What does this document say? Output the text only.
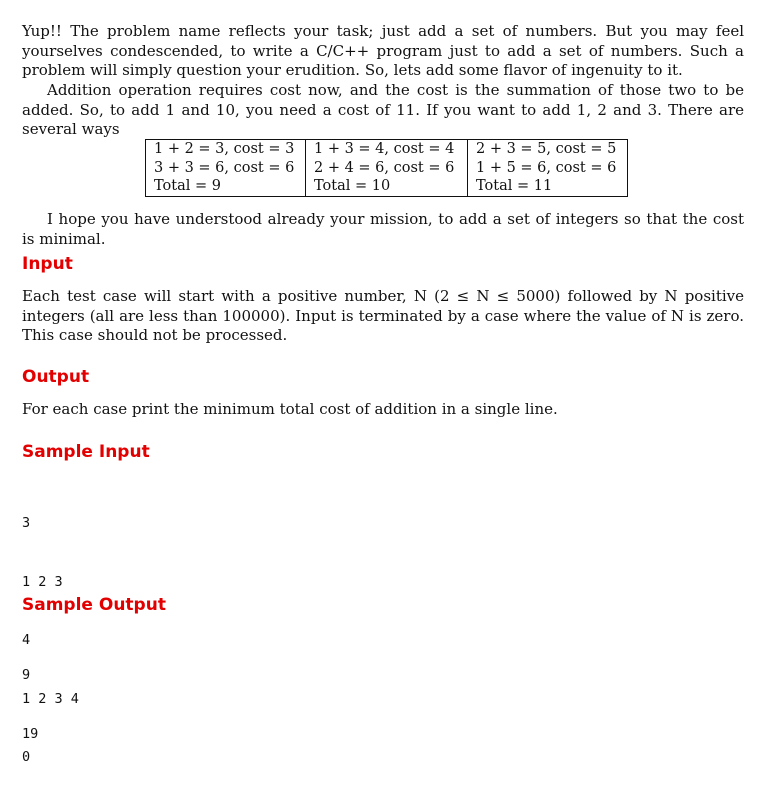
Yup!! The problem name reflects your task; just add a set of numbers. But you may feel yourselves condescended, to write a C/C++ program just to add a set of numbers. Such a problem will simply question your erudition. So, lets add some flavor of ingenuity to it.

Addition operation requires cost now, and the cost is the summation of those two to be added. So, to add 1 and 10, you need a cost of 11. If you want to add 1, 2 and 3. There are several ways

1 + 2 = 3, cost = 3	1 + 3 = 4, cost = 4	2 + 3 = 5, cost = 5
3 + 3 = 6, cost = 6	2 + 4 = 6, cost = 6	1 + 5 = 6, cost = 6
Total = 9	Total = 10	Total = 11

I hope you have understood already your mission, to add a set of integers so that the cost is minimal.

Input

Each test case will start with a positive number, N (2 ≤ N ≤ 5000) followed by N positive integers (all are less than 100000). Input is terminated by a case where the value of N is zero. This case should not be processed.

Output

For each case print the minimum total cost of addition in a single line.

Sample Input

3

1 2 3

4

1 2 3 4

0

Sample Output

9

19
